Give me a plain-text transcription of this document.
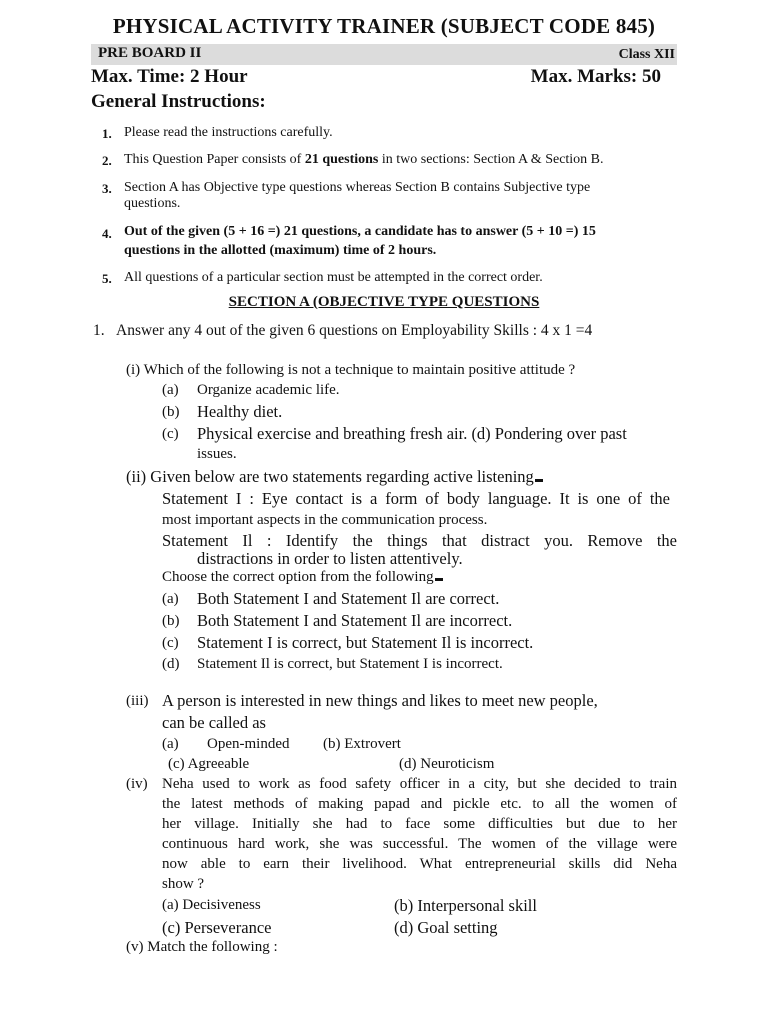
PHYSICAL ACTIVITY TRAINER (SUBJECT CODE 845)
PRE BOARD II	Class XII
Max. Time: 2 Hour	Max. Marks: 50
General Instructions:
1. Please read the instructions carefully.
2. This Question Paper consists of 21 questions in two sections: Section A & Section B.
3. Section A has Objective type questions whereas Section B contains Subjective type
questions.
4. Out of the given (5 + 16 =) 21 questions, a candidate has to answer (5 + 10 =) 15
questions in the allotted (maximum) time of 2 hours.
5. All questions of a particular section must be attempted in the correct order.
SECTION A (OBJECTIVE TYPE QUESTIONS
1. Answer any 4 out of the given 6 questions on Employability Skills : 4 x 1 =4
(i) Which of the following is not a technique to maintain positive attitude ?
(a) Organize academic life.
(b) Healthy diet.
(c) Physical exercise and breathing fresh air. (d) Pondering over past
issues.
(ii) Given below are two statements regarding active listening
Statement I : Eye contact is a form of body language. It is one of the
most important aspects in the communication process.
Statement Il : Identify the things that distract you. Remove the
distractions in order to listen attentively.
Choose the correct option from the following
(a) Both Statement I and Statement Il are correct.
(b) Both Statement I and Statement Il are incorrect.
(c) Statement I is correct, but Statement Il is incorrect.
(d) Statement Il is correct, but Statement I is incorrect.
(iii) A person is interested in new things and likes to meet new people,
can be called as
(a) Open-minded (b) Extrovert
(c) Agreeable	(d) Neuroticism
(iv) Neha used to work as food safety officer in a city, but she decided to train
the latest methods of making papad and pickle etc. to all the women of
her village. Initially she had to face some difficulties but due to her
continuous hard work, she was successful. The women of the village were
now able to earn their livelihood. What entrepreneurial skills did Neha
show ?
(a) Decisiveness	(b) Interpersonal skill
(c) Perseverance	(d) Goal setting
(v) Match the following :
